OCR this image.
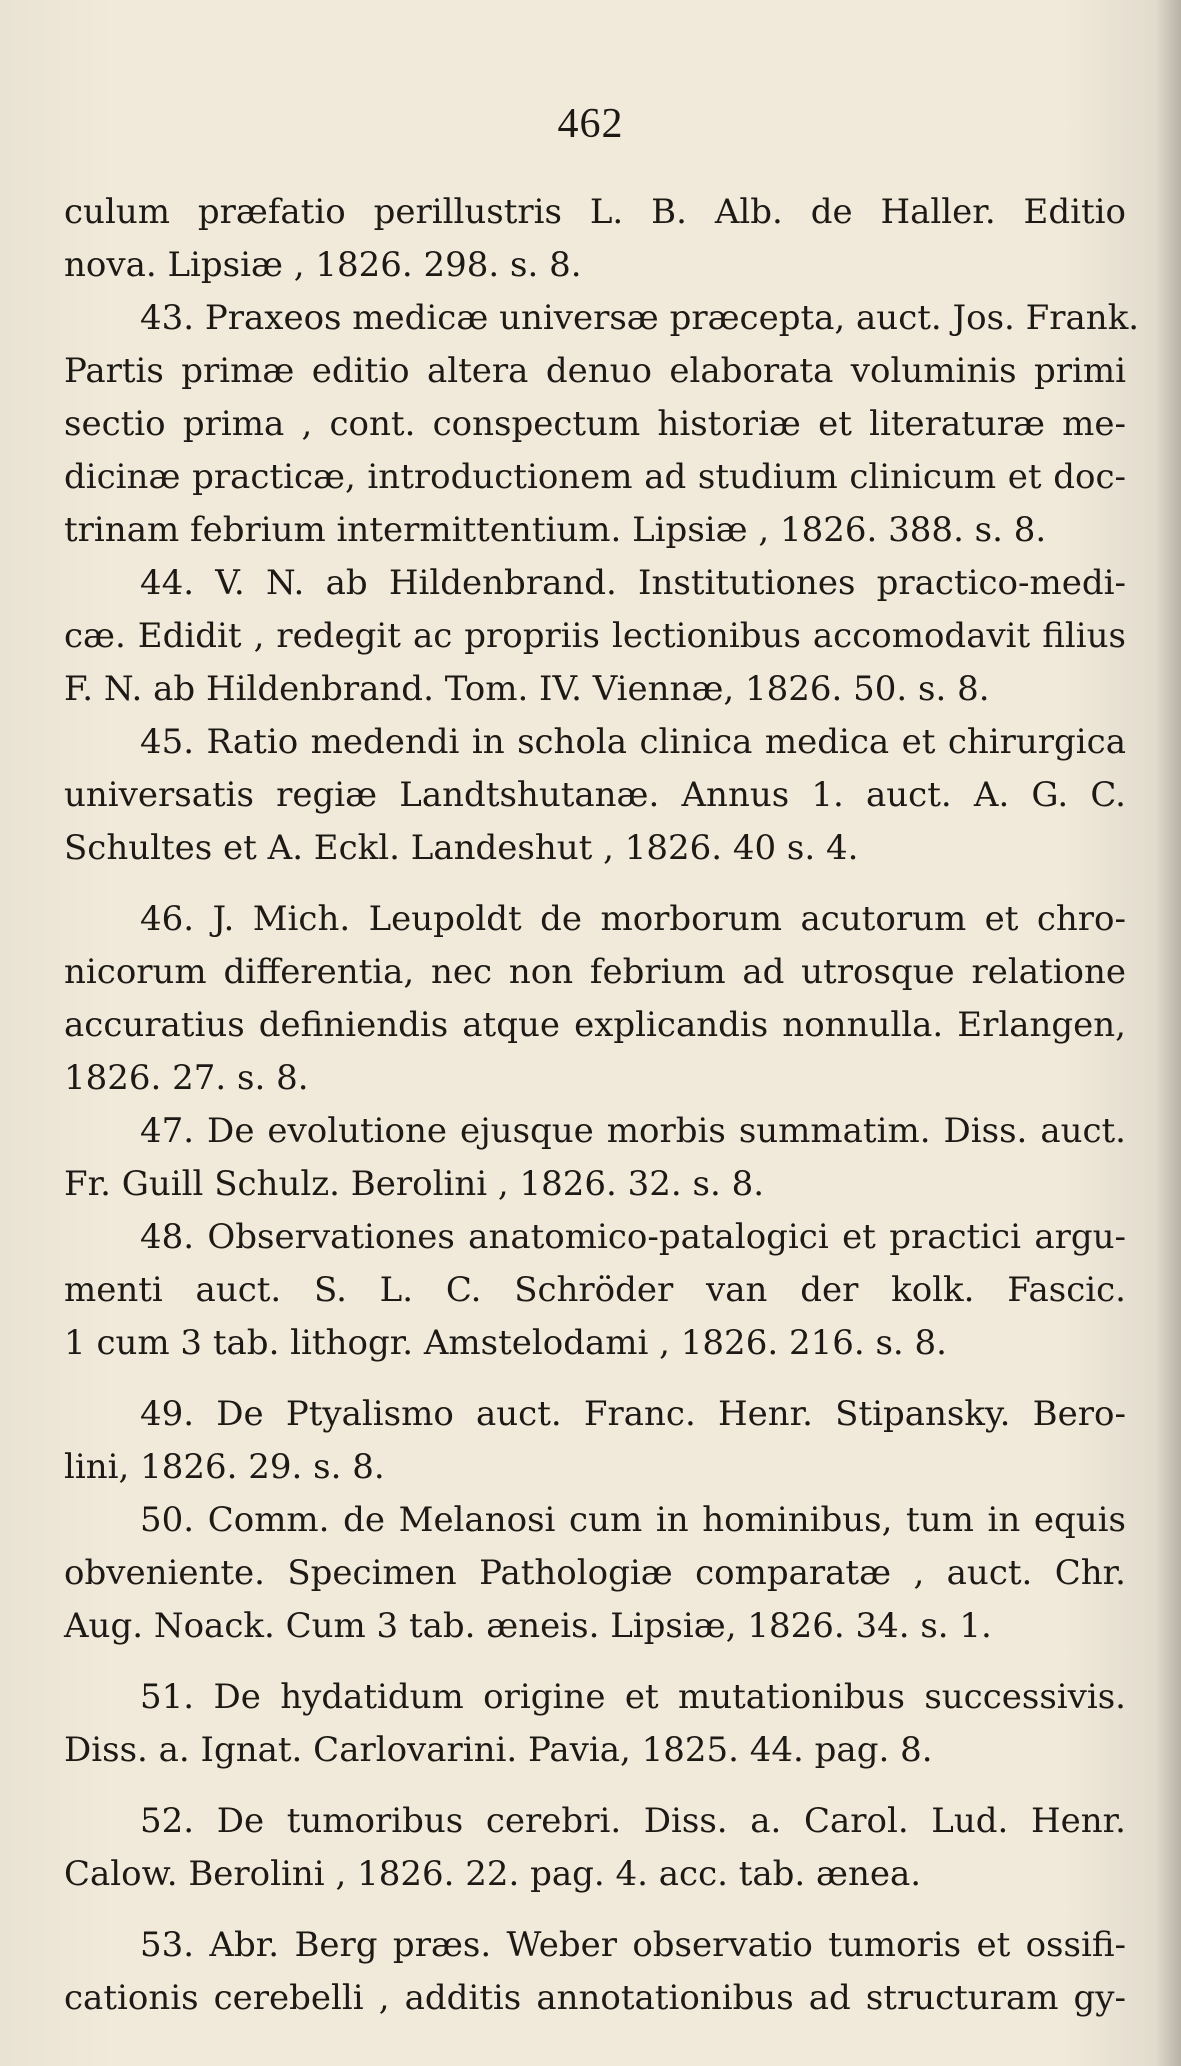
462

culum præfatio perillustris L. B. Alb. de Haller. Editio
nova. Lipsiæ , 1826. 298. s. 8.

43. Praxeos medicæ universæ præcepta, auct. Jos. Frank.
Partis primæ editio altera denuo elaborata voluminis primi
sectio prima , cont. conspectum historiæ et literaturæ me-
dicinæ practicæ, introductionem ad studium clinicum et doc-
trinam febrium intermittentium. Lipsiæ , 1826. 388. s. 8.

44. V. N. ab Hildenbrand. Institutiones practico-medi-
cæ. Edidit , redegit ac propriis lectionibus accomodavit filius
F. N. ab Hildenbrand. Tom. IV. Viennæ, 1826. 50. s. 8.

45. Ratio medendi in schola clinica medica et chirurgica
universatis regiæ Landtshutanæ. Annus 1. auct. A. G. C.
Schultes et A. Eckl. Landeshut , 1826. 40 s. 4.

46. J. Mich. Leupoldt de morborum acutorum et chro-
nicorum differentia, nec non febrium ad utrosque relatione
accuratius definiendis atque explicandis nonnulla. Erlangen,
1826. 27. s. 8.

47. De evolutione ejusque morbis summatim. Diss. auct.
Fr. Guill Schulz. Berolini , 1826. 32. s. 8.

48. Observationes anatomico-patalogici et practici argu-
menti auct. S. L. C. Schröder van der kolk. Fascic.
1 cum 3 tab. lithogr. Amstelodami , 1826. 216. s. 8.

49. De Ptyalismo auct. Franc. Henr. Stipansky. Bero-
lini, 1826. 29. s. 8.

50. Comm. de Melanosi cum in hominibus, tum in equis
obveniente. Specimen Pathologiæ comparatæ , auct. Chr.
Aug. Noack. Cum 3 tab. æneis. Lipsiæ, 1826. 34. s. 1.

51. De hydatidum origine et mutationibus successivis.
Diss. a. Ignat. Carlovarini. Pavia, 1825. 44. pag. 8.

52. De tumoribus cerebri. Diss. a. Carol. Lud. Henr.
Calow. Berolini , 1826. 22. pag. 4. acc. tab. ænea.

53. Abr. Berg præs. Weber observatio tumoris et ossifi-
cationis cerebelli , additis annotationibus ad structuram gy-
